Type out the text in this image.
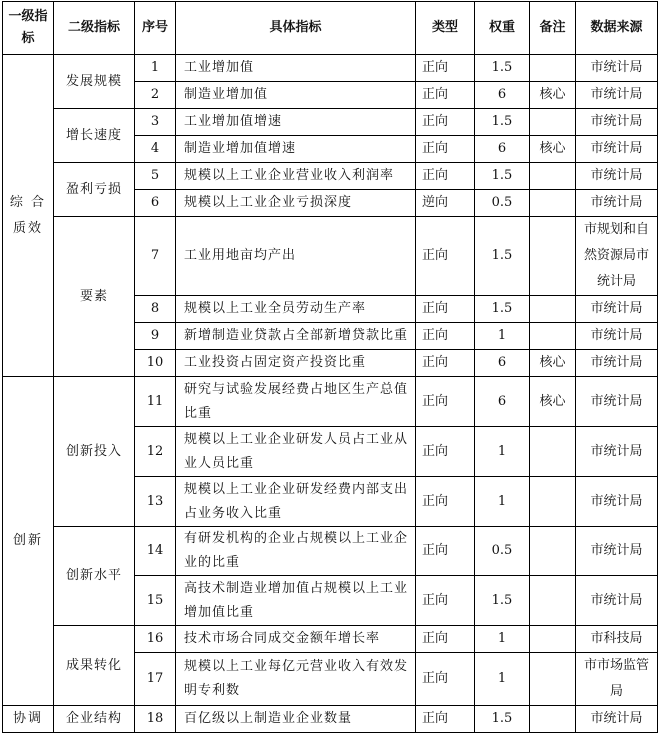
一级指标	二级指标	序号	具体指标	类型	权重	备注	数据来源
综 合质效	发展规模	1	工业增加值	正向	1.5		市统计局
		2	制造业增加值	正向	6	核心	市统计局
	增长速度	3	工业增加值增速	正向	1.5		市统计局
		4	制造业增加值增速	正向	6	核心	市统计局
	盈利亏损	5	规模以上工业企业营业收入利润率	正向	1.5		市统计局
		6	规模以上工业企业亏损深度	逆向	0.5		市统计局
	要素	7	工业用地亩均产出	正向	1.5		市规划和自然资源局市统计局
		8	规模以上工业全员劳动生产率	正向	1.5		市统计局
		9	新增制造业贷款占全部新增贷款比重	正向	1		市统计局
		10	工业投资占固定资产投资比重	正向	6	核心	市统计局
创新	创新投入	11	研究与试验发展经费占地区生产总值比重	正向	6	核心	市统计局
		12	规模以上工业企业研发人员占工业从业人员比重	正向	1		市统计局
		13	规模以上工业企业研发经费内部支出占业务收入比重	正向	1		市统计局
	创新水平	14	有研发机构的企业占规模以上工业企业的比重	正向	0.5		市统计局
		15	高技术制造业增加值占规模以上工业增加值比重	正向	1.5		市统计局
	成果转化	16	技术市场合同成交金额年增长率	正向	1		市科技局
		17	规模以上工业每亿元营业收入有效发明专利数	正向	1		市市场监管局
协调	企业结构	18	百亿级以上制造业企业数量	正向	1.5		市统计局
